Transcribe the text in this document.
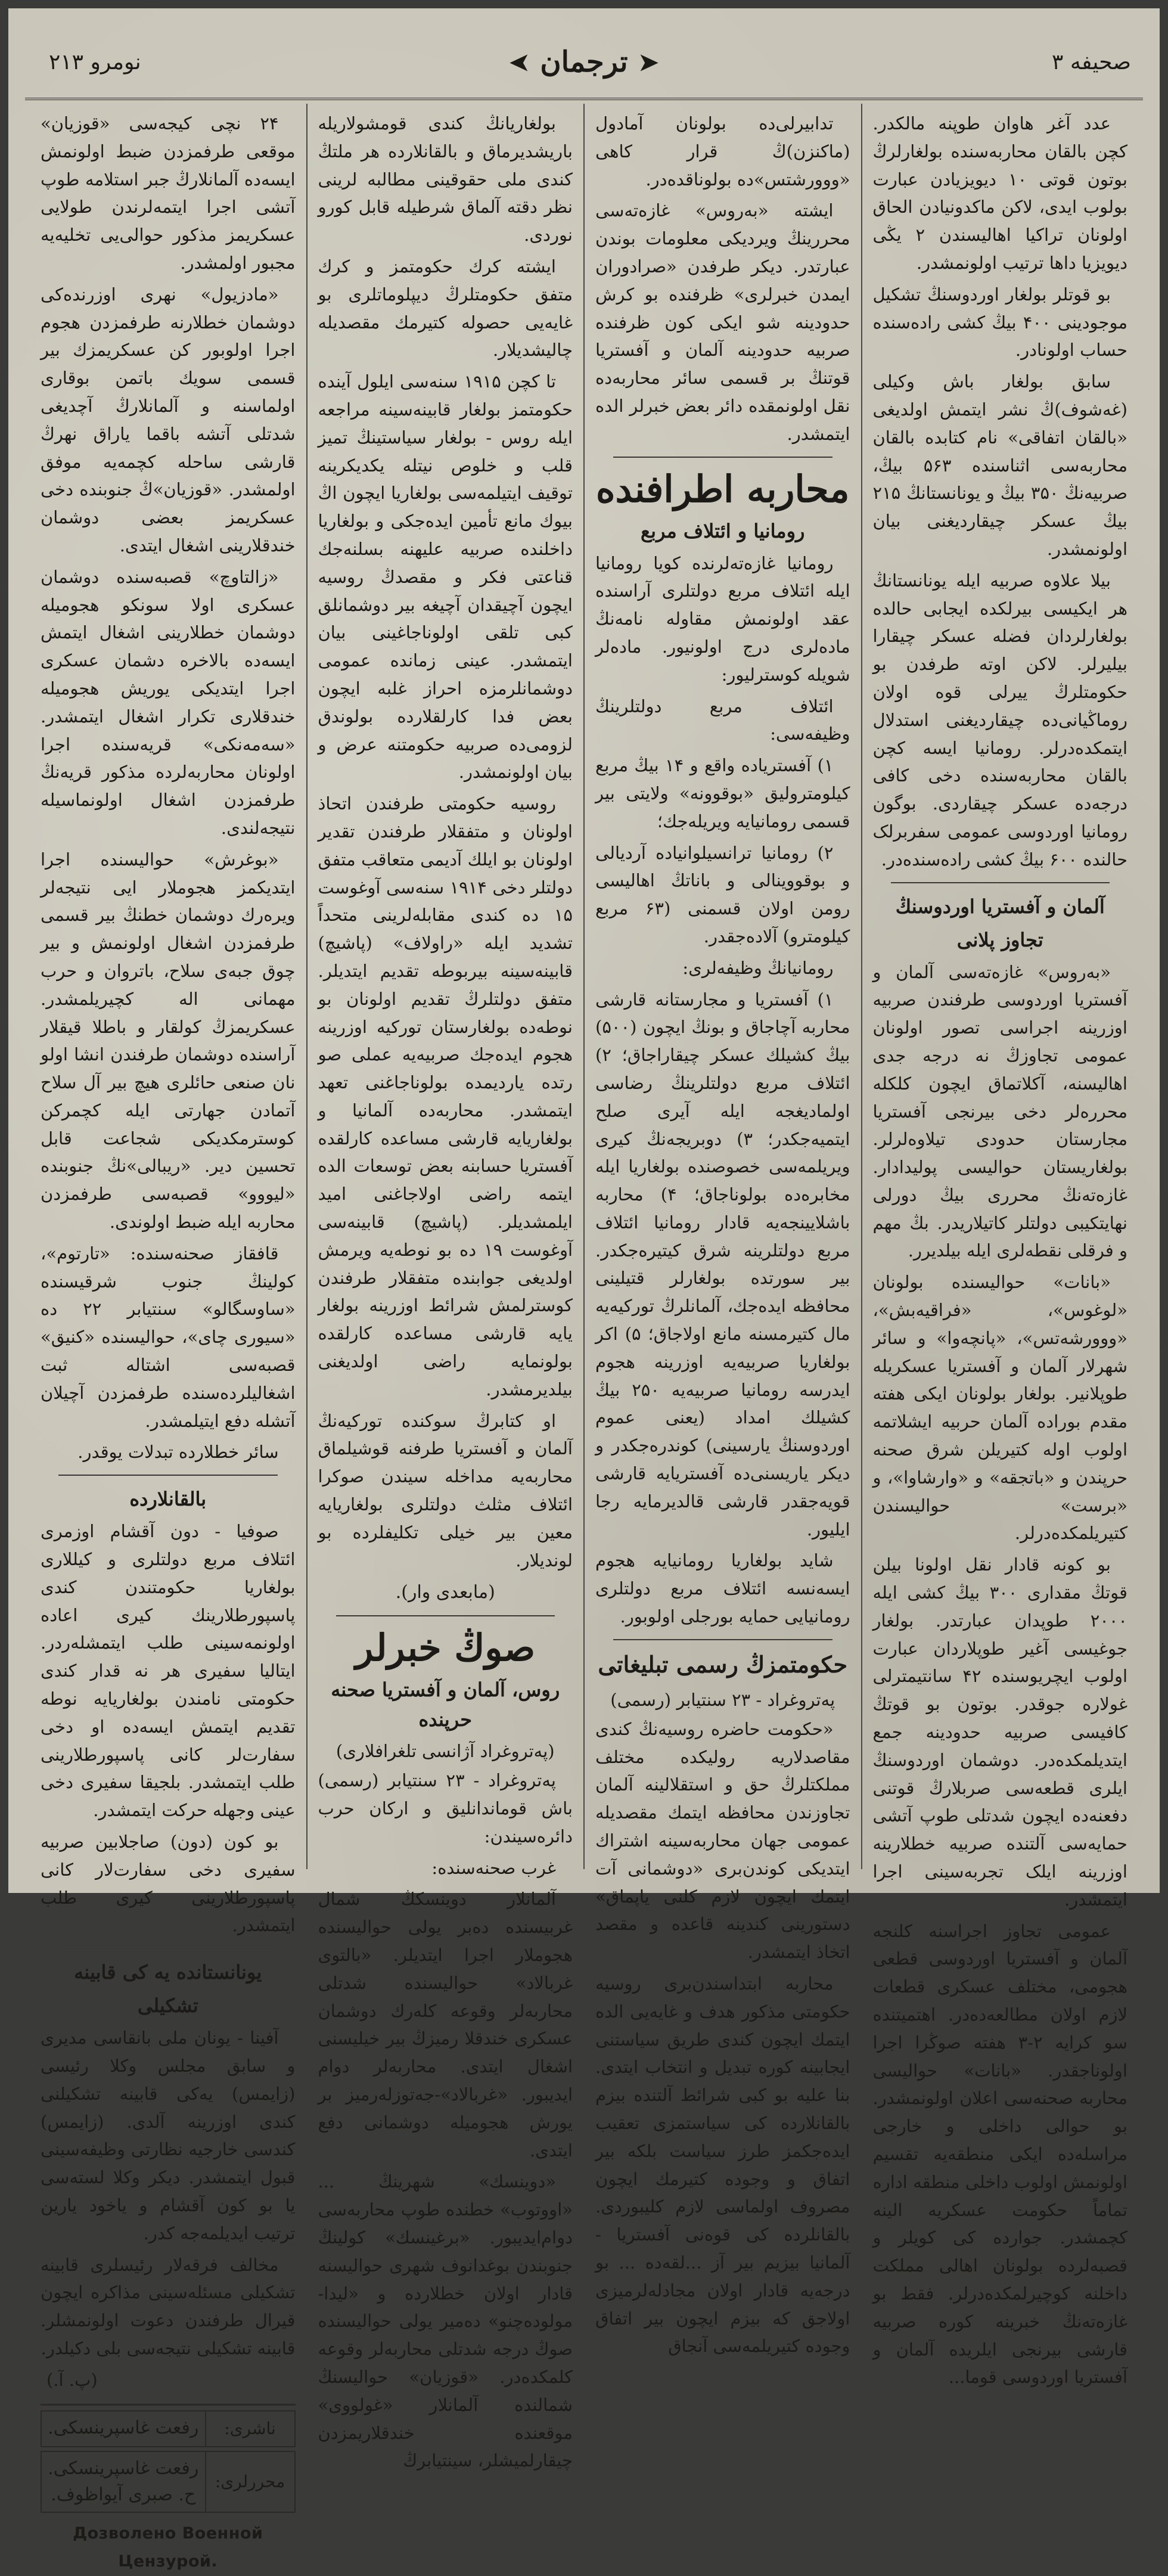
صحیفه ۳
➤
ترجمان
➤
نومرو ۲۱۳

عدد آغر هاوان طوپنه مالکدر. کچن بالقان محاربه‌سنده بولغارلرڭ بوتون قوتی ۱۰ دیویزیادن عبارت بولوب ایدی، لاکن ماکدونیادن الحاق اولونان تراکیا اهالیسندن ۲ یڭی دیویزیا داها ترتیب اولونمشدر.

بو قوتلر بولغار اوردوسنڭ تشکیل موجودینی ۴۰۰ بیڭ کشی رادەسنده حساب اولونادر.

سابق بولغار باش وکیلی (غەشوف)ڭ نشر ایتمش اولدیغی «بالقان اتفاقی» نام کتابده بالقان محاربه‌سی اثناسنده ۵۶۳ بیڭ، صربیه‌نڭ ۳۵۰ بیڭ و یونانستانڭ ۲۱۵ بیڭ عسکر چیقاردیغنی بیان اولونمشدر.

بیلا علاوه صربیه ایله یونانستانڭ هر ایکیسی بیرلکده ایجابی حالده بولغارلردان فضله عسکر چیقارا بیلیرلر. لاکن اوته طرفدن بو حکومتلرڭ ییرلی قوه اولان روماڭیانی‌ده چیقاردیغنی استدلال ایتمکده‌درلر. رومانیا ایسه کچن بالقان محاربه‌سنده دخی کافی درجه‌ده عسکر چیقاردی. بوگون رومانیا اوردوسی عمومی سفربرلک حالنده ۶۰۰ بیڭ کشی رادەسنده‌در.

آلمان و آفستریا اوردوسنڭ
تجاوز پلانی

«بەروس» غازەتەسی آلمان و آفستریا اوردوسی طرفندن صربیه اوزرینه اجراسی تصور اولونان عمومی تجاوزڭ نه درجه جدی اهالیسنه، آکلاتماق ایچون کلکله محرره‌لر دخی بیرنجی آفستریا مجارستان حدودی تیلاوه‌لرلر. بولغاریستان حوالیسی پولیدادار. غازەتەنڭ محرری بیڭ دورلی نهایتکیبی دولتلر کاتیلاریدر. بڭ مهم و فرقلی نقطەلری ایله بیلدیرر.

«بانات» حوالیسنده بولونان «لوغوس»، «فراقیه‌بش»، «ووورشەتس»، «پانچەوا» و سائر شهرلار آلمان و آفستریا عسکریله طوپلانیر. بولغار بولونان ایکی هفته مقدم بوراده آلمان حربیه ایشلاتمه اولوب اوله کتیریلن شرق صحنه حرپندن و «باتجقه» و «وارشاوا»، و «برست» حوالیسندن کتیریلمکده‌درلر.

بو کونه قادار نقل اولونا بیلن قوتڭ مقداری ۳۰۰ بیڭ کشی ایله ۲۰۰۰ طوپدان عبارتدر. بولغار جوغیسی آغیر طوپلاردان عبارت اولوب ایچریوسنده ۴۲ سانتیمترلی غولاره جوقدر. بوتون بو قوتڭ کافیسی صربیه حدودینه جمع ایتدیلمکده‌در. دوشمان اوردوسنڭ ایلری قطعه‌سی صربلارڭ قوتنی دفعنه‌ده ایچون شدتلی طوپ آتشی حمایه‌سی آلتنده صربیه خطلارینه اوزرینه ایلک تجربه‌سینی اجرا ایتمشدر.

عمومی تجاوز اجراسنه کلنجه آلمان و آفستریا اوردوسی قطعی هجومی، مختلف عسکری قطعات لازم اولان مطالعه‌ده‌در. اهتمیتنده سو کرایه ۲-۳ هفته صوڭرا اجرا اولوناجقدر. «بانات» حوالیسی محاربه صحنه‌سی اعلان اولونمشدر. بو حوالی داخلی و خارجی مراسله‌ده ایکی منطقه‌یه تقسیم اولونمش اولوب داخلی منطقه اداره تماماً حکومت عسکریه الینه کچمشدر. جوارده کی کویلر و قصبه‌لردە بولونان اهالی مملکت داخلنه کوچیرلمکده‌درلر. فقط بو غازەتەنڭ خبرینه کوره صربیه قارشی بیرنجی ایلریده آلمان و آفستریا اوردوسی قوما...

تدابیرلی‌ده بولونان آمادول (ماکنزن)ڭ قرار کاهی «ووورشتس»ده بولوناقده‌در.

ایشته «بەروس» غازەتەسی محررینڭ ویردیکی معلومات بوندن عبارتدر. دیکر طرفدن «صرادوران ایمدن خبرلری» ظرفنده بو کرش حدودینه شو ایکی کون ظرفنده صربیه حدودینه آلمان و آفستریا قوتنڭ بر قسمی سائر محاربه‌ده نقل اولونمقده دائر بعض خبرلر الده ایتمشدر.

محاربه اطرافنده
رومانیا و ائتلاف مربع

رومانیا غازەتەلرنده کویا رومانیا ایله ائتلاف مربع دولتلری آراسنده عقد اولونمش مقاوله نامه‌نڭ ماده‌لری درج اولونیور. ماده‌لر شویله کوسترلیور:

ائتلاف مربع دولتلرینڭ وظیفه‌سی:

۱) آفستریاده واقع و ۱۴ بیڭ مربع کیلومترولیق «بوقوونه» ولایتی بیر قسمی رومانیایه ویریله‌جك؛

۲) رومانیا ترانسیلوانیاده آردیالی و بوقووینالی و باناتڭ اهالیسی رومن اولان قسمنی (۶۳ مربع کیلومترو) آلاده‌جقدر.

رومانیانڭ وظیفه‌لری:

۱) آفستریا و مجارستانه قارشی محاربه آچاجاق و بونڭ ایچون (۵۰۰) بیڭ کشیلك عسکر چیقاراجاق؛ ۲) ائتلاف مربع دولتلرینڭ رضاسی اولمادیغجه ایله آیری صلح ایتمیه‌جکدر؛ ۳) دوبریجه‌نڭ کیری ویریلمه‌سی خصوصنده بولغاریا ایله مخابره‌ده بولوناجاق؛ ۴) محاربه باشلایینجه‌یه قادار رومانیا ائتلاف مربع دولتلرینه شرق کیتیره‌جکدر. بیر سورتده بولغارلر قتیلینی محافظه ایده‌جك، آلمانلرڭ تورکیه‌یه مال کتیرمسنه مانع اولاجاق؛ ۵) اکر بولغاریا صربیه‌یه اوزرینه هجوم ایدرسه رومانیا صربیه‌یه ۲۵۰ بیڭ کشیلك امداد (یعنی عموم اوردوسنڭ یارسینی) کوندره‌جکدر و دیکر یاریسنی‌ده آفستریایه قارشی قویه‌جقدر قارشی قالدیرمایه رجا ایلیور.

شاید بولغاریا رومانیایه هجوم ایسه‌نسه ائتلاف مربع دولتلری رومانیایی حمایه بورجلی اولوبور.

حکومتمزڭ رسمی تبلیغاتی
پەتروغراد - ۲۳ سنتیابر (رسمی)

«حکومت حاضره روسیه‌نڭ کندی مقاصدلاریه رولیکده مختلف مملکتلرڭ حق و استقلالینه آلمان تجاوزندن محافظه ایتمك مقصدیله عمومی جهان محاربه‌سینه اشتراك ایتدیکی کوندن‌بری «دوشمانی آت ایتمك ایچون لازم کلنی یاپماق» دستورینی کندینه قاعده و مقصد اتخاذ ایتمشدر.

محاربه ابتداسندن‌بری روسیه حکومتی مذکور هدف و غایه‌یی الده ایتمك ایچون کندی طریق سیاستنی ایجابینه کوره تبدیل و انتخاب ایتدی. بنا علیه بو کبی شرائط آلتنده بیزم بالقانلارده‌ کی سیاستمزی تعقیب ایده‌جکمز طرز سیاست بلکه بیر اتفاق و وجوده کتیرمك ایچون مصروف اولماسی لازم کلیبوردی. بالقانلرده کی قوه‌نی آفستریا - آلمانیا بیزیم بیر آز ...لقه‌ده ... بو درجه‌یه قادار اولان مجادلەلرمیزی اولاجق که بیزم ایچون بیر اتفاق وجوده کتیریلمه‌سی آنجاق

بولغاریانڭ کندی قومشولاریله باریشدیرماق و بالقانلارده هر ملتڭ کندی ملی حقوقینی مطالبه لرینی نظر دقته آلماق شرطیله قابل کورو نوردی.

ایشته کرك حکومتمز و کرك متفق حکومتلرڭ دیپلوماتلری بو غایه‌یی حصوله کتیرمك مقصدیله چالیشدیلار.

تا کچن ۱۹۱۵ سنه‌سی ایلول آینده حکومتمز بولغار قابینه‌سینه مراجعه ایله روس - بولغار سیاستینڭ تمیز قلب و خلوص نیتله یکدیکرینه توقیف ایتیلمه‌سی بولغاریا ایچون اڭ بیوك مانع تأمین ایده‌جکی و بولغاریا داخلنده صربیه علیهنه بسلنه‌جك قناعتی فکر و مقصدڭ روسیه ایچون آچیقدان آچیغه بیر دوشمانلق کبی تلقی اولوناجاغینی بیان ایتمشدر. عینی زمانده عمومی دوشمانلرمزه احراز غلبه ایچون بعض فدا کارلقلارده بولوندق لزومی‌ده صربیه حکومتنه عرض و بیان اولونمشدر.

روسیه حکومتی طرفندن اتحاذ اولونان و متفقلار طرفندن تقدیر اولونان بو ایلك آدیمی متعاقب متفق دولتلر دخی ۱۹۱۴ سنه‌سی آوغوست ۱۵ ده کندی مقابلەلرینی متحداً تشدید ایله «راولاف» (پاشیچ) قابینه‌سینه بیربوطه تقدیم ایتدیلر. متفق دولتلرڭ تقدیم اولونان بو نوطه‌ده بولغارستان تورکیه اوزرینه هجوم ایده‌جك صربیه‌یه عملی صو رتده یاردیمده بولوناجاغنی تعهد ایتمشدر. محاربه‌ده آلمانیا و بولغاریایه قارشی مساعده کارلقده آفستریا حسابنه بعض توسعات الده ایتمه راضی اولاجاغنی امید ایلمشدیلر. (پاشیچ) قابینه‌سی آوغوست ۱۹ ده بو نوطه‌یه ویرمش اولدیغی جوابنده متفقلار طرفندن کوسترلمش شرائط اوزرینه بولغار یایه قارشی مساعده کارلقده بولونمایه راضی اولدیغنی بیلدیرمشدر.

او کتابرڭ سوکنده تورکیه‌نڭ آلمان و آفستریا طرفنه قوشیلماق محاربه‌یه مداخله سیندن صوکرا ائتلاف مثلث دولتلری بولغاریایه معین بیر خیلی تکلیفلرده بو لوندیلار.

(مابعدی وار).
صوڭ خبرلر
روس، آلمان و آفستریا صحنه حرپنده
(پەتروغراد آژانسی تلغرافلاری)

پەتروغراد - ۲۳ سنتیابر (رسمی) باش قوماندانلیق و ارکان حرب دائره‌سیندن:

غرب صحنه‌سنده:

آلمانلار دوینسكڭ شمال غربیسنده دەبر یولی حوالیسنده هجوملار اجرا ایتدیلر. «بالتوی غربالاد» حوالیسنده شدتلی محاربه‌لر وقوعه کلەرك دوشمان عسکری خندقلا رمیزڭ بیر خیلیسنی اشغال ایتدی. محاربه‌لر دوام ایدیبور. «غربالاد»-جەتوزلەرمیز بر یورش هجومیله دوشمانی دفع ایتدی.

«دوینسك» شهرینڭ ... «اووتوب» خطنده طوپ محاربه‌سی دوام‌ایدیبور. «برغینسك» کولینڭ جنوبندن بوغدانوف شهری حوالیسنه قادار اولان خطلارده و «لیدا-مولودەچنو» دەمیر یولی حوالیسنده صوڭ درجه شدتلی محاربه‌لر وقوعه کلمکده‌در. «قوزیان» حوالیسنڭ شمالنده آلمانلار «غولووی» موقعنده خندقلاریمزدن چیقارلمیشلر، سینتیابرڭ

۲۴ نچی کیجه‌سی «قوزیان» موقعی طرفمزدن ضبط اولونمش ایسه‌ده آلمانلارڭ جبر استلامه طوپ آتشی اجرا ایتمەلرندن طولایی عسکریمز مذکور حوالی‌یی تخلیه‌یه مجبور اولمشدر.

«مادزیول» نهری اوزرنده‌کی دوشمان خطلارنه طرفمزدن هجوم اجرا اولوبور کن عسکریمزك بیر قسمی سویك باتمن بوقاری اولماسنه و آلمانلارڭ آچدیغی شدتلی آتشه باقما یاراق نهرڭ قارشی ساحله کچمه‌یه موفق اولمشدر. «قوزیان»ڭ جنوبنده دخی عسکریمز بعضی دوشمان خندقلارینی اشغال ایتدی.

«زالتاوچ» قصبه‌سنده دوشمان عسکری اولا سونکو هجومیله دوشمان خطلارینی اشغال ایتمش ایسه‌ده بالاخره دشمان عسکری اجرا ایتدیکی یوریش هجومیله خندقلاری تکرار اشغال ایتمشدر. «سەمەنکی» قریه‌سنده اجرا اولونان محاربه‌لرده مذکور قریه‌نڭ طرفمزدن اشغال اولونماسیله نتیجه‌لندی.

«بوغرش» حوالیسنده اجرا ایتدیکمز هجوملار ایی نتیجه‌لر ویرەرك دوشمان خطنڭ بیر قسمی طرفمزدن اشغال اولونمش و بیر چوق جبه‌ی سلاح، باتروان و حرب مهمانی اله کچیریلمشدر. عسکریمزڭ کولقار و باطلا قیقلار آراسنده دوشمان طرفندن انشا اولو نان صنعی حائلری هیچ بیر آل سلاح آتمادن جهارتی ایله کچمرکن کوسترمکدیکی شجاعت قابل تحسین دیر. «ریبالی»نڭ جنوبنده «لیووو» قصبه‌سی طرفمزدن محاربه ایله ضبط اولوندی.

قافقاز صحنه‌سنده: «تارتوم»، کولینڭ جنوب شرقیسنده «ساوسگالو» سنتیابر ۲۲ ده «سیوری چای»، حوالیسنده «کنیق» قصبه‌سی اشتاله ثبت اشغالیلرده‌سنده طرفمزدن آچیلان آتشله دفع ایتیلمشدر.

سائر خطلارده تبدلات یوقدر.

بالقانلارده

صوفیا - دون آقشام اوزمری ائتلاف مربع دولتلری و کیللاری بولغاریا حکومتندن کندی پاسپورطلارینك کیری اعاده اولونمه‌سینی طلب ایتمشلەردر. ایتالیا سفیری هر نه قدار کندی حکومتی نامندن بولغاریایه نوطه تقدیم ایتمش ایسه‌ده او دخی سفارت‌لر کانی پاسپورطلارینی طلب ایتمشدر. بلجیقا سفیری دخی عینی وجهله حرکت ایتمشدر.

بو کون (دون) صاجلابین صربیه سفیری دخی سفارت‌لار کانی پاسپورطلارینی کیری طلب ایتمشدر.

یونانستانده یه کی قابینه
تشکیلی

آفینا - یونان ملی بانقاسی مدیری و سابق مجلس وکلا رئیسی (زایمس) یه‌کی قابینه تشکیلنی کندی اوزرینه آلدی. (زایمس) کندسی خارجیه نظارتی وظیفه‌سینی قبول ایتمشدر. دیکر وکلا لسته‌سی یا بو کون آقشام و یاخود یارین ترتیب ایدیلمه‌جه کدر.

مخالف فرقەلار رئیسلری قابینه تشکیلی مسئله‌سینی مذاکره ایچون قیرال طرفندن دعوت اولونمشلر. قابینه تشکیلی نتیجه‌سی بلی دکیلدر.

(پ. آ.)
ناشری:
رفعت غاسپرینسکی.
محررلری:
رفعت غاسپرینسکی.
ح. صبری آیواظوف.
Дозволено Военной Цензурой.
